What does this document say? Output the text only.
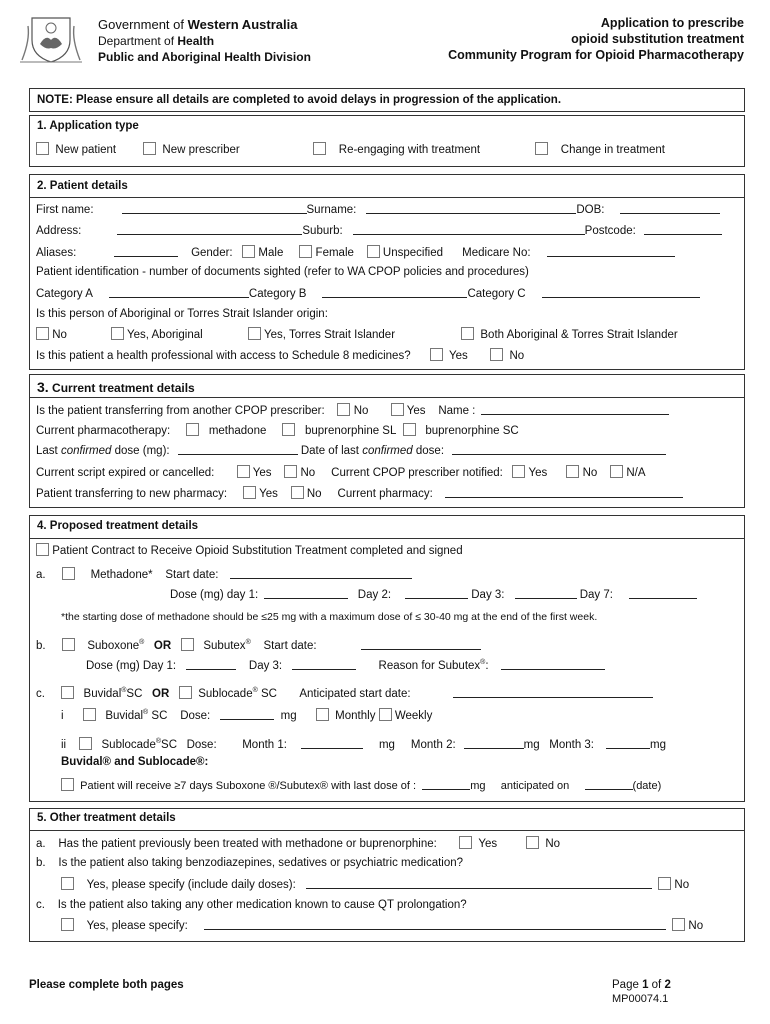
Government of Western Australia
Department of Health
Public and Aboriginal Health Division
Application to prescribe
opioid substitution treatment
Community Program for Opioid Pharmacotherapy
NOTE: Please ensure all details are completed to avoid delays in progression of the application.
1. Application type
New patient	New prescriber	Re-engaging with treatment	Change in treatment
2. Patient details
First name:	Surname:	DOB:
Address:	Suburb:	Postcode:
Aliases:	Gender: Male	Female	Unspecified Medicare No:
Patient identification - number of documents sighted (refer to WA CPOP policies and procedures)
Category A	Category B	Category C
Is this person of Aboriginal or Torres Strait Islander origin:
No	Yes, Aboriginal	Yes, Torres Strait Islander	Both Aboriginal & Torres Strait Islander
Is this patient a health professional with access to Schedule 8 medicines?	Yes	No
3. Current treatment details
Is the patient transferring from another CPOP prescriber:	No	Yes Name :
Current pharmacotherapy:	methadone	buprenorphine SL	buprenorphine SC
Last confirmed dose (mg):	Date of last confirmed dose:
Current script expired or cancelled:	Yes	No Current CPOP prescriber notified: Yes	No	N/A
Patient transferring to new pharmacy:	Yes	No Current pharmacy:
4. Proposed treatment details
Patient Contract to Receive Opioid Substitution Treatment completed and signed
a.	Methadone* Start date:
Dose (mg) day 1:	Day 2:	Day 3:	Day 7:
*the starting dose of methadone should be ≤25 mg with a maximum dose of ≤ 30-40 mg at the end of the first week.
b.	Suboxone® OR	Subutex® Start date:
Dose (mg) Day 1:	Day 3:	Reason for Subutex®:
c.	Buvidal®SC OR	Sublocade® SC Anticipated start date:
i	Buvidal® SC Dose:	mg	Monthly Weekly
ii	Sublocade®SC Dose: Month 1:	mg Month 2:	mg Month 3:	mg
Buvidal® and Sublocade®:
Patient will receive ≥7 days Suboxone ®/Subutex® with last dose of :	mg anticipated on	(date)
5. Other treatment details
a. Has the patient previously been treated with methadone or buprenorphine:	Yes	No
b. Is the patient also taking benzodiazepines, sedatives or psychiatric medication?
Yes, please specify (include daily doses):	No
c. Is the patient also taking any other medication known to cause QT prolongation?
Yes, please specify:	No
Please complete both pages	Page 1 of 2
MP00074.1
